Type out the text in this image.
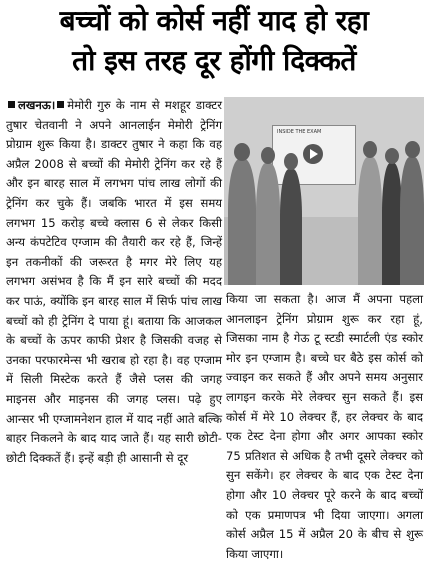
बच्चों को कोर्स नहीं याद हो रहा
तो इस तरह दूर होंगी दिक्कतें
लखनऊ। मेमोरी गुरु के नाम से मशहूर डाक्टर तुषार चेतवानी ने अपने आनलाईन मेमोरी ट्रेनिंग प्रोग्राम शुरू किया है। डाक्टर तुषार ने कहा कि वह अप्रैल 2008 से बच्चों की मेमोरी ट्रेनिंग कर रहे हैं और इन बारह साल में लगभग पांच लाख लोगों की ट्रेनिंग कर चुके हैं। जबकि भारत में इस समय लगभग 15 करोड़ बच्चे क्लास 6 से लेकर किसी अन्य कंपटेटिव एग्जाम की तैयारी कर रहे हैं, जिन्हें इन तकनीकों की जरूरत है मगर मेरे लिए यह लगभग असंभव है कि मैं इन सारे बच्चों की मदद कर पाऊं, क्योंकि इन बारह साल में सिर्फ पांच लाख बच्चों को ही ट्रेनिंग दे पाया हूं। बताया कि आजकल के बच्चों के ऊपर काफी प्रेशर है जिसकी वजह से उनका परफारमेन्स भी खराब हो रहा है। वह एग्जाम में सिली मिस्टेक करते हैं जैसे प्लस की जगह माइनस और माइनस की जगह प्लस। पढ़े हुए आन्सर भी एग्जामनेशन हाल में याद नहीं आते बल्कि बाहर निकलने के बाद याद जाते हैं। यह सारी छोटी-छोटी दिक्कतें हैं। इन्हें बड़ी ही आसानी से दूर
INSIDE THE EXAM
किया जा सकता है। आज मैं अपना पहला आनलाइन ट्रेनिंग प्रोग्राम शुरू कर रहा हूं, जिसका नाम है गेऊ टू स्टडी स्मार्टली एंड स्कोर मोर इन एग्जाम है। बच्चे घर बैठे इस कोर्स को ज्वाइन कर सकते हैं और अपने समय अनुसार लागइन करके मेरे लेक्चर सुन सकते हैं। इस कोर्स में मेरे 10 लेक्चर हैं, हर लेक्चर के बाद एक टेस्ट देना होगा और अगर आपका स्कोर 75 प्रतिशत से अधिक है तभी दूसरे लेक्चर को सुन सकेंगे। हर लेक्चर के बाद एक टेस्ट देना होगा और 10 लेक्चर पूरे करने के बाद बच्चों को एक प्रमाणपत्र भी दिया जाएगा। अगला कोर्स अप्रैल 15 में अप्रैल 20 के बीच से शुरू किया जाएगा।
